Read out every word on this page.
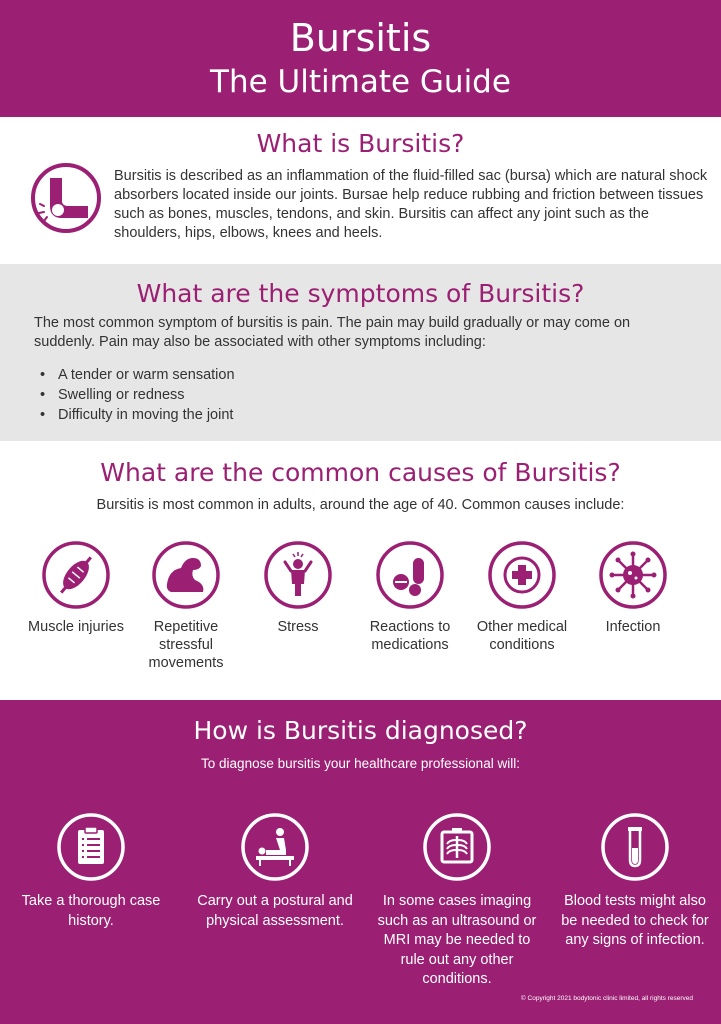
Bursitis
The Ultimate Guide
What is Bursitis?
Bursitis is described as an inflammation of the fluid-filled sac (bursa) which are natural shock absorbers located inside our joints. Bursae help reduce rubbing and friction between tissues such as bones, muscles, tendons, and skin. Bursitis can affect any joint such as the shoulders, hips, elbows, knees and heels.
What are the symptoms of Bursitis?
The most common symptom of bursitis is pain. The pain may build gradually or may come on suddenly. Pain may also be associated with other symptoms including:
• A tender or warm sensation
• Swelling or redness
• Difficulty in moving the joint
What are the common causes of Bursitis?
Bursitis is most common in adults, around the age of 40. Common causes include:
Muscle injuries	Repetitive stressful movements
Stress	Reactions to medications
Other medical conditions
Infection
How is Bursitis diagnosed?
To diagnose bursitis your healthcare professional will:
Take a thorough case history.
Carry out a postural and physical assessment.
In some cases imaging such as an ultrasound or MRI may be needed to rule out any other conditions.
Blood tests might also be needed to check for any signs of infection.
© Copyright 2021 bodytonic clinic limited, all rights reserved
